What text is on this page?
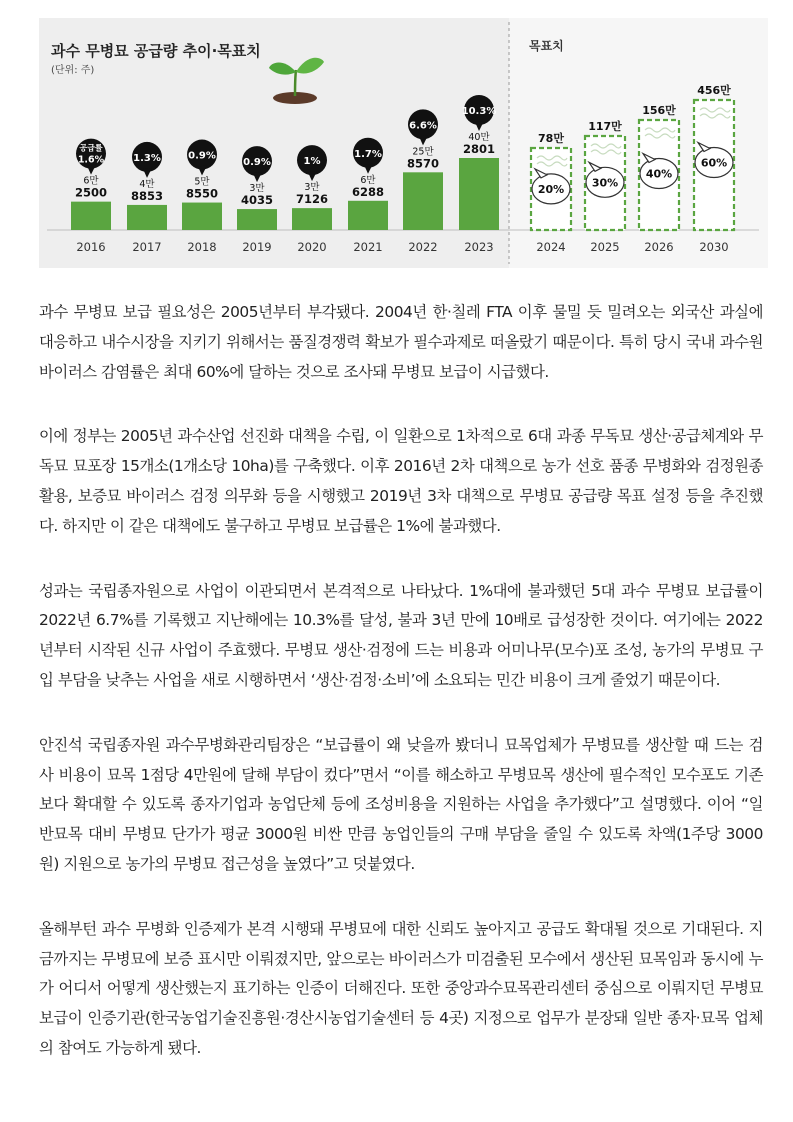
과수 무병묘 공급량 추이·목표치
(단위: 주)
목표치
2016
6만
2500
공급률
1.6%
2017
4만
8853
1.3%
2018
5만
8550
0.9%
2019
3만
4035
0.9%
2020
3만
7126
1%
2021
6만
6288
1.7%
2022
25만
8570
6.6%
2023
40만
2801
10.3%
2024
78만
20%
2025
117만
30%
2026
156만
40%
2030
456만
60%

과수 무병묘 보급 필요성은 2005년부터 부각됐다. 2004년 한·칠레 FTA 이후 물밀 듯 밀려오는 외국산 과실에 대응하고 내수시장을 지키기 위해서는 품질경쟁력 확보가 필수과제로 떠올랐기 때문이다. 특히 당시 국내 과수원 바이러스 감염률은 최대 60%에 달하는 것으로 조사돼 무병묘 보급이 시급했다.

이에 정부는 2005년 과수산업 선진화 대책을 수립, 이 일환으로 1차적으로 6대 과종 무독묘 생산·공급체계와 무독묘 묘포장 15개소(1개소당 10ha)를 구축했다. 이후 2016년 2차 대책으로 농가 선호 품종 무병화와 검정원종 활용, 보증묘 바이러스 검정 의무화 등을 시행했고 2019년 3차 대책으로 무병묘 공급량 목표 설정 등을 추진했다. 하지만 이 같은 대책에도 불구하고 무병묘 보급률은 1%에 불과했다.

성과는 국립종자원으로 사업이 이관되면서 본격적으로 나타났다. 1%대에 불과했던 5대 과수 무병묘 보급률이 2022년 6.7%를 기록했고 지난해에는 10.3%를 달성, 불과 3년 만에 10배로 급성장한 것이다. 여기에는 2022년부터 시작된 신규 사업이 주효했다. 무병묘 생산·검정에 드는 비용과 어미나무(모수)포 조성, 농가의 무병묘 구입 부담을 낮추는 사업을 새로 시행하면서 ‘생산·검정·소비’에 소요되는 민간 비용이 크게 줄었기 때문이다.

안진석 국립종자원 과수무병화관리팀장은 “보급률이 왜 낮을까 봤더니 묘목업체가 무병묘를 생산할 때 드는 검사 비용이 묘목 1점당 4만원에 달해 부담이 컸다”면서 “이를 해소하고 무병묘목 생산에 필수적인 모수포도 기존보다 확대할 수 있도록 종자기업과 농업단체 등에 조성비용을 지원하는 사업을 추가했다”고 설명했다. 이어 “일반묘목 대비 무병묘 단가가 평균 3000원 비싼 만큼 농업인들의 구매 부담을 줄일 수 있도록 차액(1주당 3000원) 지원으로 농가의 무병묘 접근성을 높였다”고 덧붙였다.

올해부턴 과수 무병화 인증제가 본격 시행돼 무병묘에 대한 신뢰도 높아지고 공급도 확대될 것으로 기대된다. 지금까지는 무병묘에 보증 표시만 이뤄졌지만, 앞으로는 바이러스가 미검출된 모수에서 생산된 묘목임과 동시에 누가 어디서 어떻게 생산했는지 표기하는 인증이 더해진다. 또한 중앙과수묘목관리센터 중심으로 이뤄지던 무병묘 보급이 인증기관(한국농업기술진흥원·경산시농업기술센터 등 4곳) 지정으로 업무가 분장돼 일반 종자·묘목 업체의 참여도 가능하게 됐다.
